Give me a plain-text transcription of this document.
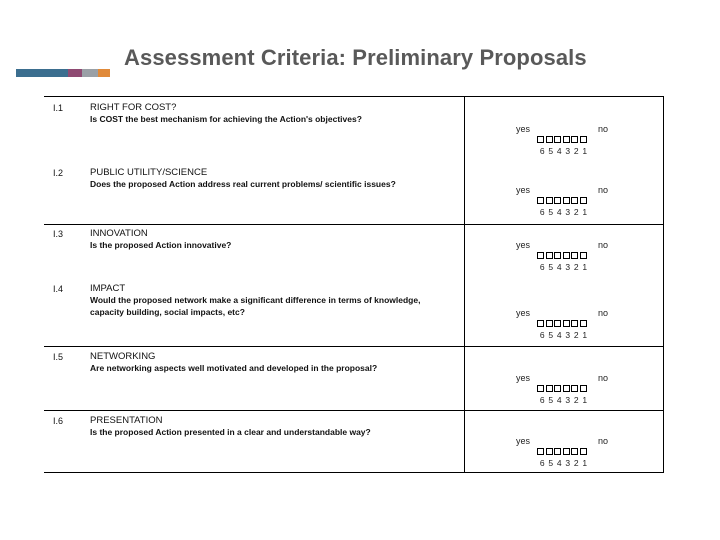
Assessment Criteria: Preliminary Proposals
I.1	RIGHT FOR COST?
Is COST the best mechanism for achieving the Action's objectives?
yes	no
6 5 4 3 2 1
I.2	PUBLIC UTILITY/SCIENCE
Does the proposed Action address real current problems/ scientific issues?
yes	no
6 5 4 3 2 1
I.3	INNOVATION
Is the proposed Action innovative?	yes	no
6 5 4 3 2 1
I.4	IMPACT
Would the proposed network make a significant difference in terms of knowledge, capacity building, social impacts, etc?	yes	no
6 5 4 3 2 1
I.5	NETWORKING
Are networking aspects well motivated and developed in the proposal?
yes	no
6 5 4 3 2 1
I.6	PRESENTATION
Is the proposed Action presented in a clear and understandable way?
yes	no
6 5 4 3 2 1
